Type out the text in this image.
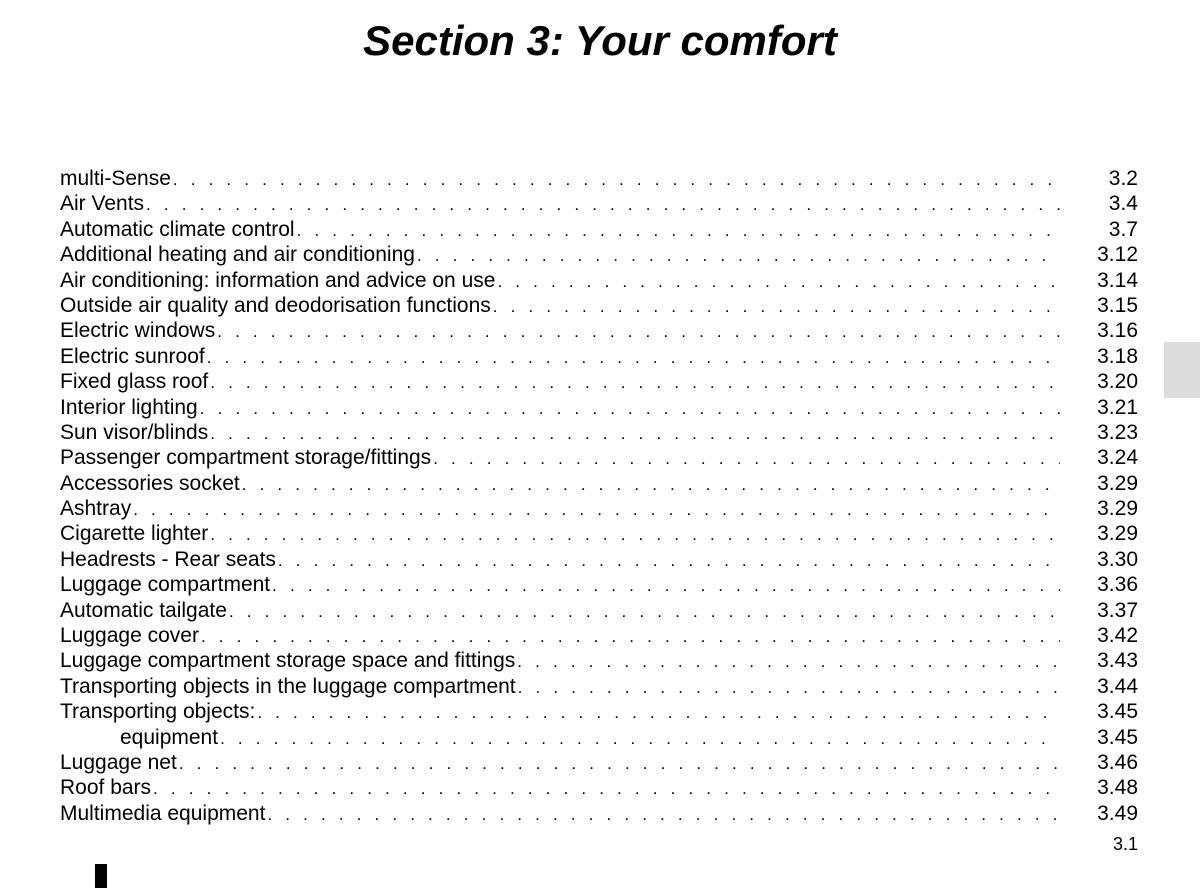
Section 3: Your comfort
multi-Sense . . .	3.2
Air Vents . . .	3.4
Automatic climate control . . .	3.7
Additional heating and air conditioning . . .	3.12
Air conditioning: information and advice on use . . .	3.14
Outside air quality and deodorisation functions . . .	3.15
Electric windows . . .	3.16
Electric sunroof . . .	3.18
Fixed glass roof . . .	3.20
Interior lighting . . .	3.21
Sun visor/blinds . . .	3.23
Passenger compartment storage/fittings . . .	3.24
Accessories socket . . .	3.29
Ashtray . . .	3.29
Cigarette lighter . . .	3.29
Headrests - Rear seats . . .	3.30
Luggage compartment . . .	3.36
Automatic tailgate . . .	3.37
Luggage cover . . .	3.42
Luggage compartment storage space and fittings . . .	3.43
Transporting objects in the luggage compartment . . .	3.44
Transporting objects: . . .	3.45
equipment . . .	3.45
Luggage net . . .	3.46
Roof bars . . .	3.48
Multimedia equipment . . .	3.49
3.1
